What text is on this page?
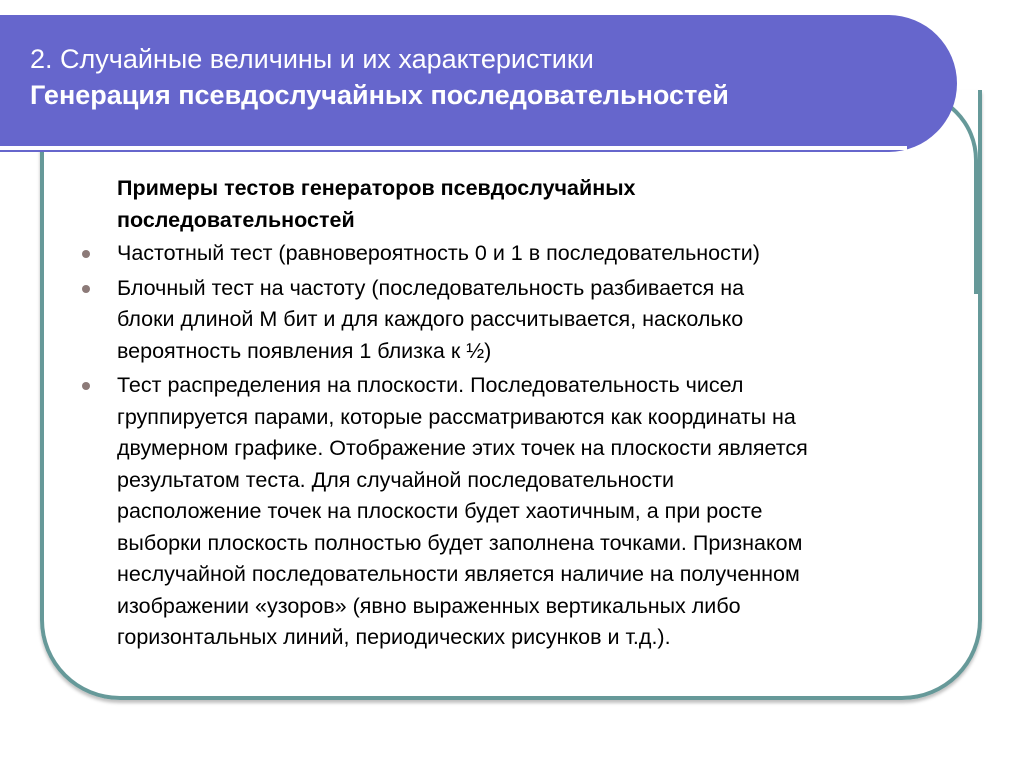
2. Случайные величины и их характеристики
Генерация псевдослучайных последовательностей
Примеры тестов генераторов псевдослучайных
последовательностей
Частотный тест (равновероятность 0 и 1 в последовательности)
Блочный тест на частоту (последовательность разбивается на
блоки длиной M бит и для каждого рассчитывается, насколько
вероятность появления 1 близка к ½)
Тест распределения на плоскости. Последовательность чисел
группируется парами, которые рассматриваются как координаты на
двумерном графике. Отображение этих точек на плоскости является
результатом теста. Для случайной последовательности
расположение точек на плоскости будет хаотичным, а при росте
выборки плоскость полностью будет заполнена точками. Признаком
неслучайной последовательности является наличие на полученном
изображении «узоров» (явно выраженных вертикальных либо
горизонтальных линий, периодических рисунков и т.д.).
